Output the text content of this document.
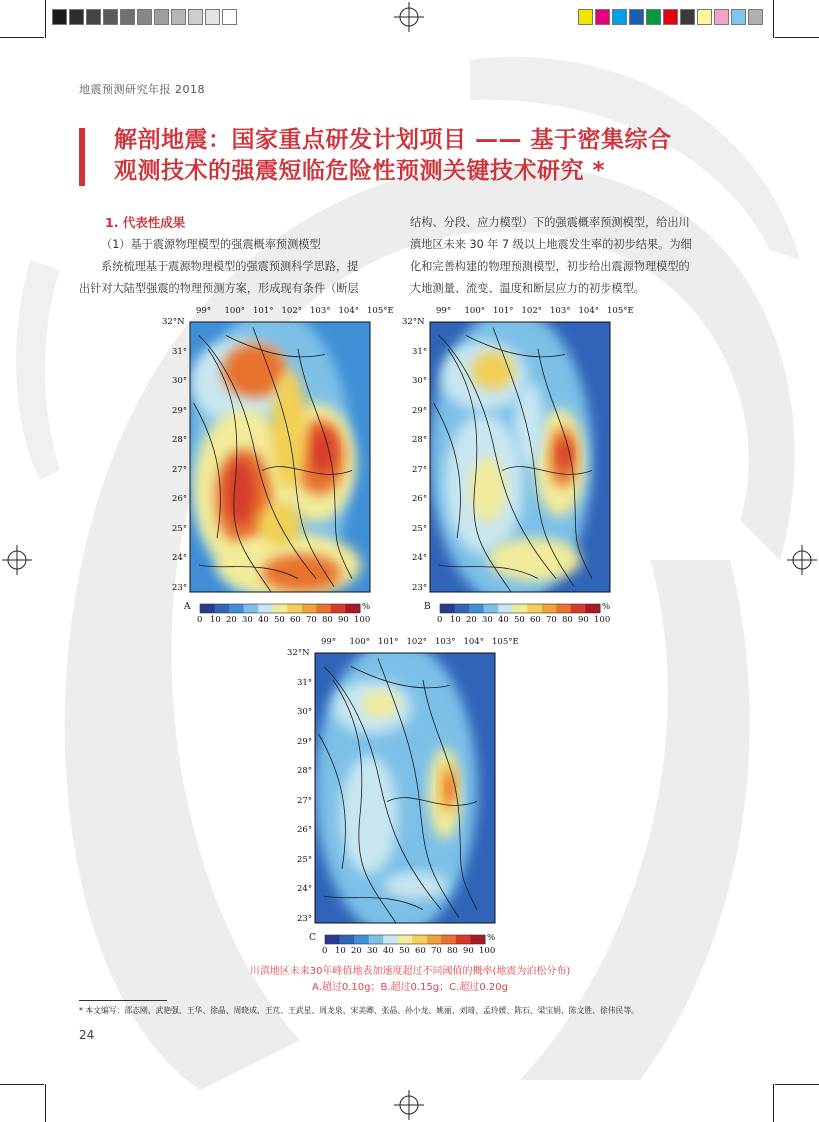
地震预测研究年报 2018
解剖地震：国家重点研发计划项目 —— 基于密集综合
观测技术的强震短临危险性预测关键技术研究 *

1. 代表性成果

（1）基于震源物理模型的强震概率预测模型

系统梳理基于震源物理模型的强震预测科学思路，提

出针对大陆型强震的物理预测方案，形成现有条件（断层

结构、分段、应力模型）下的强震概率预测模型，给出川

滇地区未来 30 年 7 级以上地震发生率的初步结果。为细

化和完善构建的物理预测模型，初步给出震源物理模型的

大地测量、流变、温度和断层应力的初步模型。

99° 100° 101° 102° 103° 104° 105°E
32°N
31°
30°
29°
28°
27°
26°
25°
24°
23°
A
0 10 20 30 40 50 60 70 80 90 100
%
99° 100° 101° 102° 103° 104° 105°E
32°N
31°
30°
29°
28°
27°
26°
25°
24°
23°
B
0 10 20 30 40 50 60 70 80 90 100
%
99° 100° 101° 102° 103° 104° 105°E
32°N
31°
30°
29°
28°
27°
26°
25°
24°
23°
C
0 10 20 30 40 50 60 70 80 90 100
%
川滇地区未来30年峰值地表加速度超过不同阈值的概率(地震为泊松分布)
A.超过0.10g；B.超过0.15g；C.超过0.20g
* 本文编写：邵志刚、武艳强、王华、徐晶、周晓成、王芃、王武星、周龙泉、宋美卿、张晶、孙小龙、姚丽、刘琦、孟玲媛、陈石、梁宝娟、陈文胜、徐伟民等。
24
